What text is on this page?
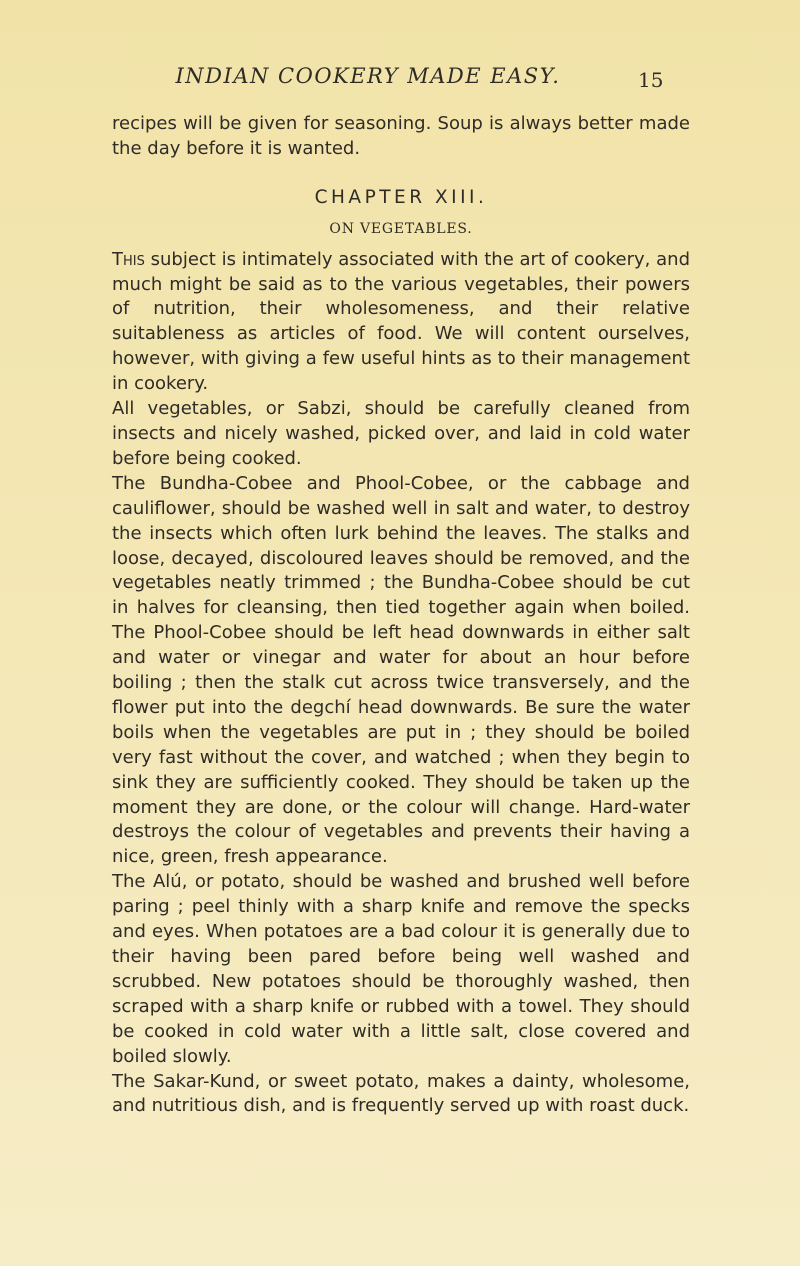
INDIAN COOKERY MADE EASY.	15

recipes will be given for seasoning. Soup is always better made the day before it is wanted.

CHAPTER XIII.
ON VEGETABLES.

This subject is intimately associated with the art of cookery, and much might be said as to the various vegetables, their powers of nutrition, their wholesomeness, and their relative suitableness as articles of food. We will content ourselves, however, with giving a few useful hints as to their management in cookery.

All vegetables, or Sabzi, should be carefully cleaned from insects and nicely washed, picked over, and laid in cold water before being cooked.

The Bundha-Cobee and Phool-Cobee, or the cabbage and cauliflower, should be washed well in salt and water, to destroy the insects which often lurk behind the leaves. The stalks and loose, decayed, discoloured leaves should be removed, and the vegetables neatly trimmed ; the Bundha-Cobee should be cut in halves for cleansing, then tied together again when boiled. The Phool-Cobee should be left head downwards in either salt and water or vinegar and water for about an hour before boiling ; then the stalk cut across twice transversely, and the flower put into the degchí head downwards. Be sure the water boils when the vegetables are put in ; they should be boiled very fast without the cover, and watched ; when they begin to sink they are sufficiently cooked. They should be taken up the moment they are done, or the colour will change. Hard-water destroys the colour of vegetables and prevents their having a nice, green, fresh appearance.

The Alú, or potato, should be washed and brushed well before paring ; peel thinly with a sharp knife and remove the specks and eyes. When potatoes are a bad colour it is generally due to their having been pared before being well washed and scrubbed. New potatoes should be thoroughly washed, then scraped with a sharp knife or rubbed with a towel. They should be cooked in cold water with a little salt, close covered and boiled slowly.

The Sakar-Kund, or sweet potato, makes a dainty, wholesome, and nutritious dish, and is frequently served up with roast duck.
